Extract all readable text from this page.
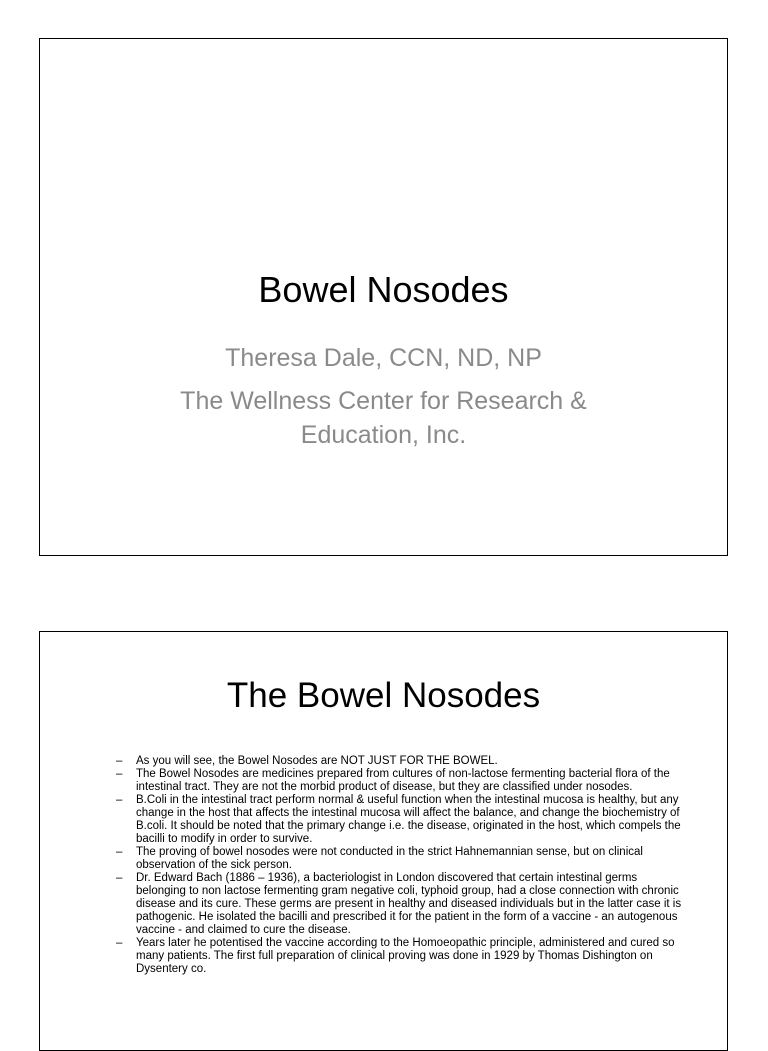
Bowel Nosodes
Theresa Dale, CCN, ND, NP
The Wellness Center for Research &
Education, Inc.
The Bowel Nosodes
– As you will see, the Bowel Nosodes are NOT JUST FOR THE BOWEL.
– The Bowel Nosodes are medicines prepared from cultures of non-lactose fermenting bacterial flora of the intestinal tract. They are not the morbid product of disease, but they are classified under nosodes.
– B.Coli in the intestinal tract perform normal & useful function when the intestinal mucosa is healthy, but any change in the host that affects the intestinal mucosa will affect the balance, and change the biochemistry of B.coli. It should be noted that the primary change i.e. the disease, originated in the host, which compels the bacilli to modify in order to survive.
– The proving of bowel nosodes were not conducted in the strict Hahnemannian sense, but on clinical observation of the sick person.
– Dr. Edward Bach (1886 – 1936), a bacteriologist in London discovered that certain intestinal germs belonging to non lactose fermenting gram negative coli, typhoid group, had a close connection with chronic disease and its cure. These germs are present in healthy and diseased individuals but in the latter case it is pathogenic. He isolated the bacilli and prescribed it for the patient in the form of a vaccine - an autogenous vaccine - and claimed to cure the disease.
– Years later he potentised the vaccine according to the Homoeopathic principle, administered and cured so many patients. The first full preparation of clinical proving was done in 1929 by Thomas Dishington on Dysentery co.
